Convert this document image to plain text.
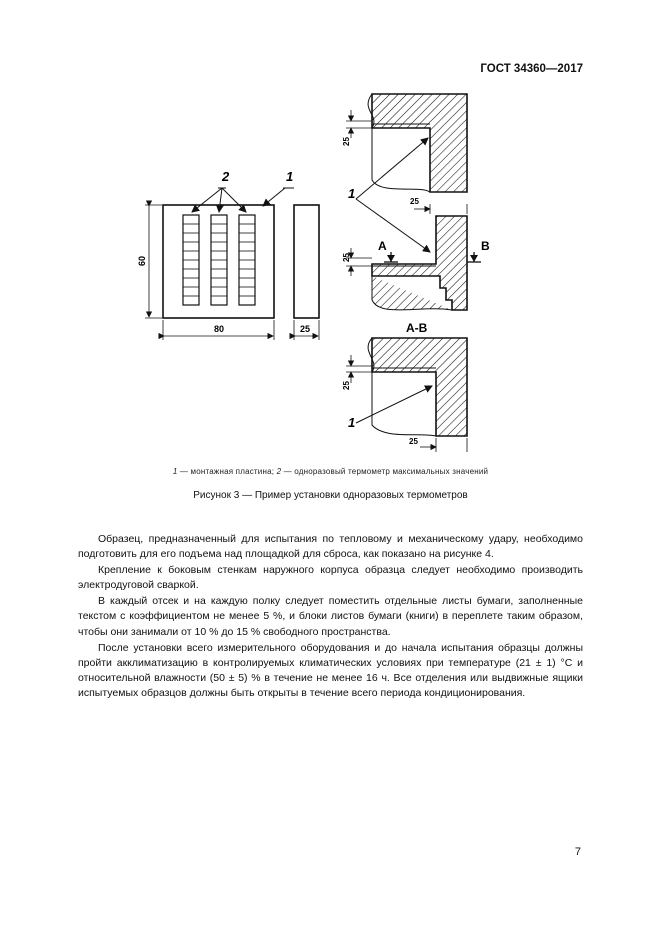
ГОСТ 34360—2017
2	1
60
80	25
25
1
25
25
A	B
A-B
25
25
1
1 — монтажная пластина; 2 — одноразовый термометр максимальных значений
Рисунок 3 — Пример установки одноразовых термометров

Образец, предназначенный для испытания по тепловому и механическому удару, необходимо подготовить для его подъема над площадкой для сброса, как показано на рисунке 4.

Крепление к боковым стенкам наружного корпуса образца следует необходимо производить электродуговой сваркой.

В каждый отсек и на каждую полку следует поместить отдельные листы бумаги, заполненные текстом с коэффициентом не менее 5 %, и блоки листов бумаги (книги) в переплете таким образом, чтобы они занимали от 10 % до 15 % свободного пространства.

После установки всего измерительного оборудования и до начала испытания образцы должны пройти акклиматизацию в контролируемых климатических условиях при температуре (21 ± 1) °С и относительной влажности (50 ± 5) % в течение не менее 16 ч. Все отделения или выдвижные ящики испытуемых образцов должны быть открыты в течение всего периода кондиционирования.

7
